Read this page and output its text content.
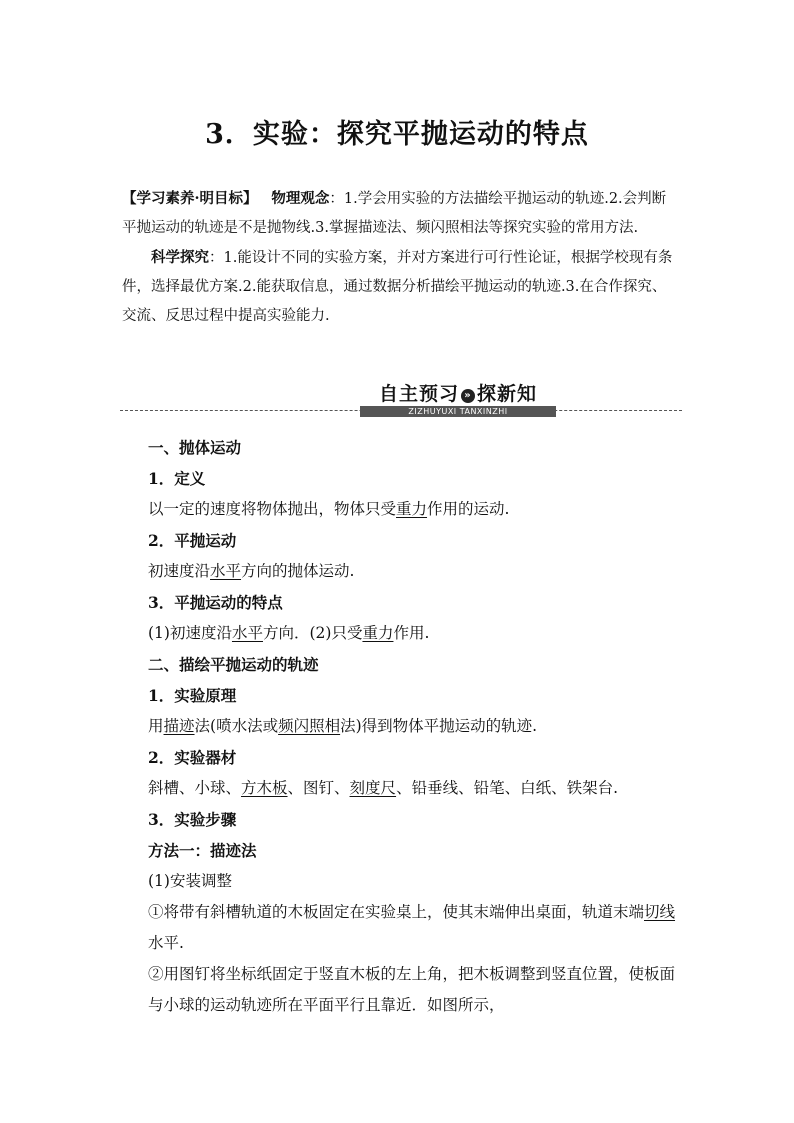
3．实验：探究平抛运动的特点

【学习素养·明目标】 物理观念：1.学会用实验的方法描绘平抛运动的轨迹.2.会判断平抛运动的轨迹是不是抛物线.3.掌握描迹法、频闪照相法等探究实验的常用方法.

科学探究：1.能设计不同的实验方案，并对方案进行可行性论证，根据学校现有条件，选择最优方案.2.能获取信息，通过数据分析描绘平抛运动的轨迹.3.在合作探究、交流、反思过程中提高实验能力.

自主预习 » 探新知
ZIZHUYUXI TANXINZHI
一、抛体运动
1．定义
以一定的速度将物体抛出，物体只受重力作用的运动.
2．平抛运动
初速度沿水平方向的抛体运动.
3．平抛运动的特点
(1)初速度沿水平方向．(2)只受重力作用.
二、描绘平抛运动的轨迹
1．实验原理
用描迹法(喷水法或频闪照相法)得到物体平抛运动的轨迹.
2．实验器材
斜槽、小球、方木板、图钉、刻度尺、铅垂线、铅笔、白纸、铁架台.
3．实验步骤
方法一：描迹法
(1)安装调整
①将带有斜槽轨道的木板固定在实验桌上，使其末端伸出桌面，轨道末端切线水平.
②用图钉将坐标纸固定于竖直木板的左上角，把木板调整到竖直位置，使板面与小球的运动轨迹所在平面平行且靠近．如图所示，
